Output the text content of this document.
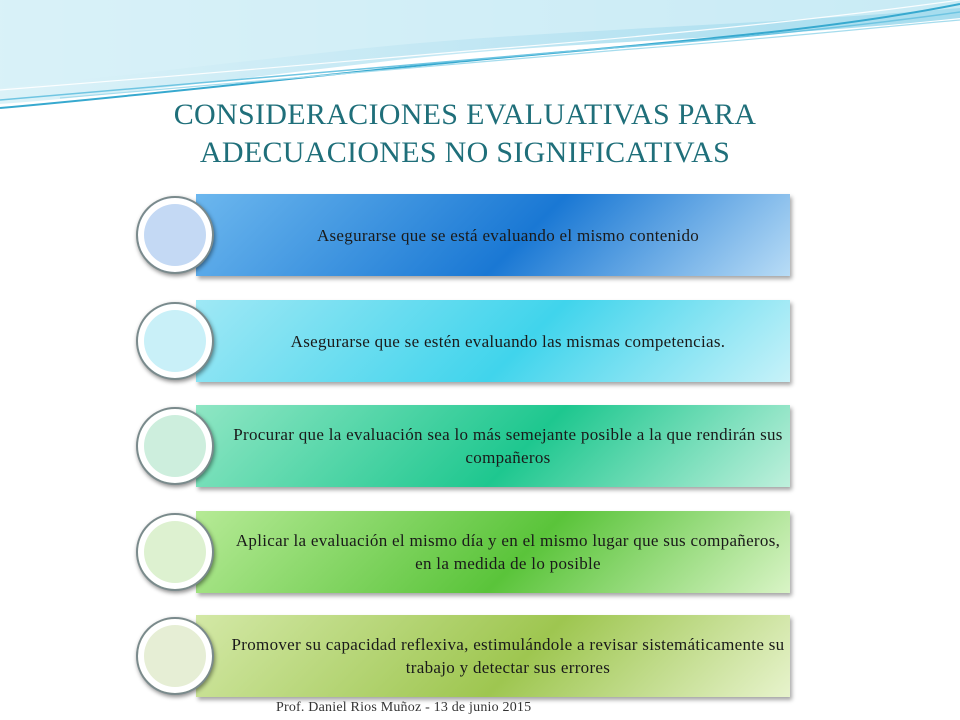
CONSIDERACIONES EVALUATIVAS PARA
ADECUACIONES NO SIGNIFICATIVAS
Asegurarse que se está evaluando el mismo contenido
Asegurarse que se estén evaluando las mismas competencias.
Procurar que la evaluación sea lo más semejante posible a la que rendirán sus compañeros
Aplicar la evaluación el mismo día y en el mismo lugar que sus compañeros, en la medida de lo posible
Promover su capacidad reflexiva, estimulándole a revisar sistemáticamente su trabajo y detectar sus errores
Prof. Daniel Rios Muñoz - 13 de junio 2015
